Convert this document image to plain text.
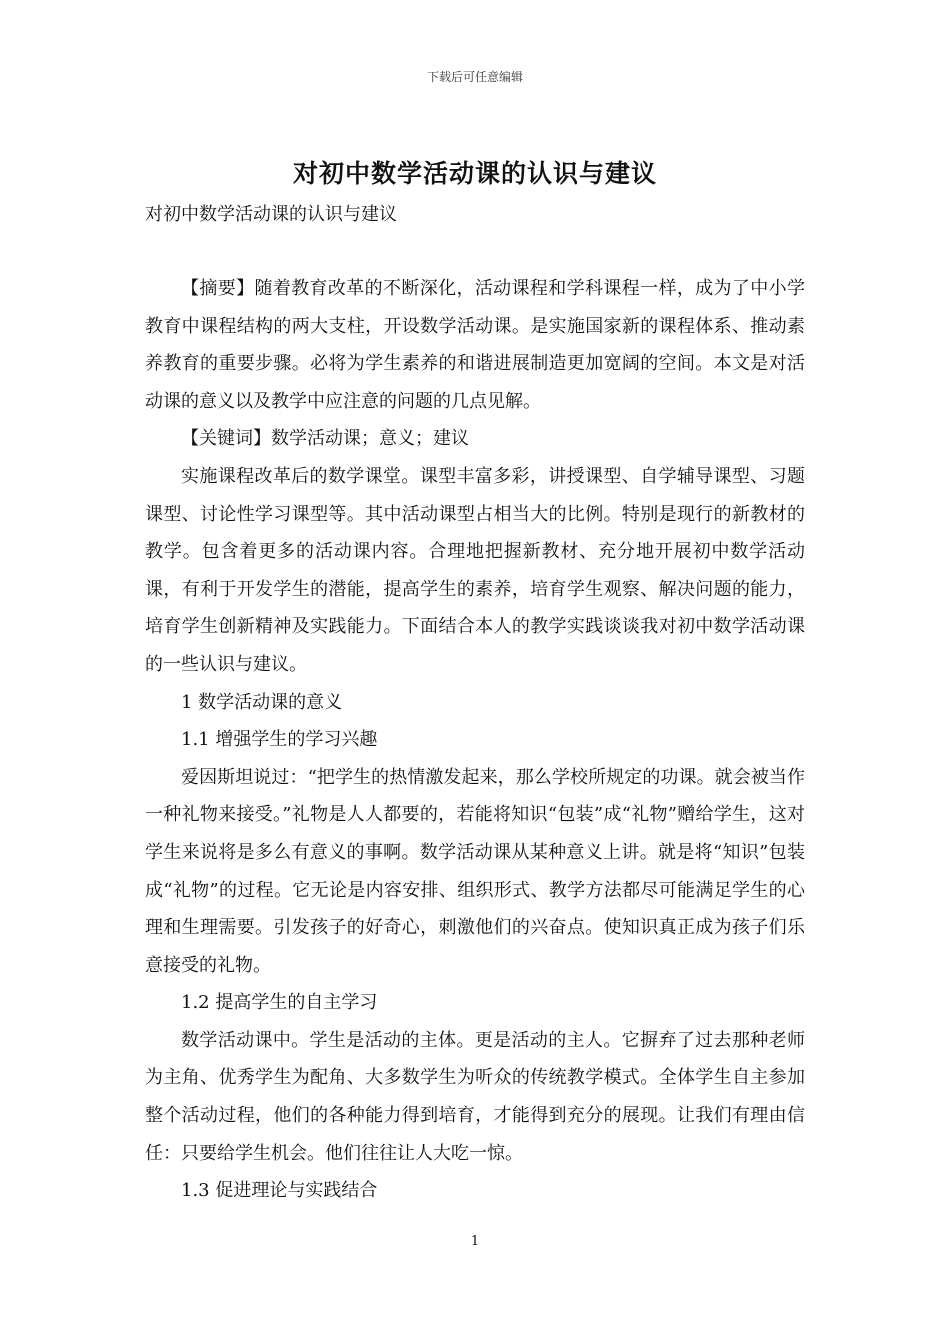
下载后可任意编辑
对初中数学活动课的认识与建议
对初中数学活动课的认识与建议

【摘要】随着教育改革的不断深化，活动课程和学科课程一样，成为了中小学教育中课程结构的两大支柱，开设数学活动课。是实施国家新的课程体系、推动素养教育的重要步骤。必将为学生素养的和谐进展制造更加宽阔的空间。本文是对活动课的意义以及教学中应注意的问题的几点见解。

【关键词】数学活动课；意义；建议

实施课程改革后的数学课堂。课型丰富多彩，讲授课型、自学辅导课型、习题课型、讨论性学习课型等。其中活动课型占相当大的比例。特别是现行的新教材的教学。包含着更多的活动课内容。合理地把握新教材、充分地开展初中数学活动课，有利于开发学生的潜能，提高学生的素养，培育学生观察、解决问题的能力，培育学生创新精神及实践能力。下面结合本人的教学实践谈谈我对初中数学活动课的一些认识与建议。

1 数学活动课的意义

1.1 增强学生的学习兴趣

爱因斯坦说过：“把学生的热情激发起来，那么学校所规定的功课。就会被当作一种礼物来接受。”礼物是人人都要的，若能将知识“包装”成“礼物”赠给学生，这对学生来说将是多么有意义的事啊。数学活动课从某种意义上讲。就是将“知识”包装成“礼物”的过程。它无论是内容安排、组织形式、教学方法都尽可能满足学生的心理和生理需要。引发孩子的好奇心，刺激他们的兴奋点。使知识真正成为孩子们乐意接受的礼物。

1.2 提高学生的自主学习

数学活动课中。学生是活动的主体。更是活动的主人。它摒弃了过去那种老师为主角、优秀学生为配角、大多数学生为听众的传统教学模式。全体学生自主参加整个活动过程，他们的各种能力得到培育，才能得到充分的展现。让我们有理由信任：只要给学生机会。他们往往让人大吃一惊。

1.3 促进理论与实践结合

1
